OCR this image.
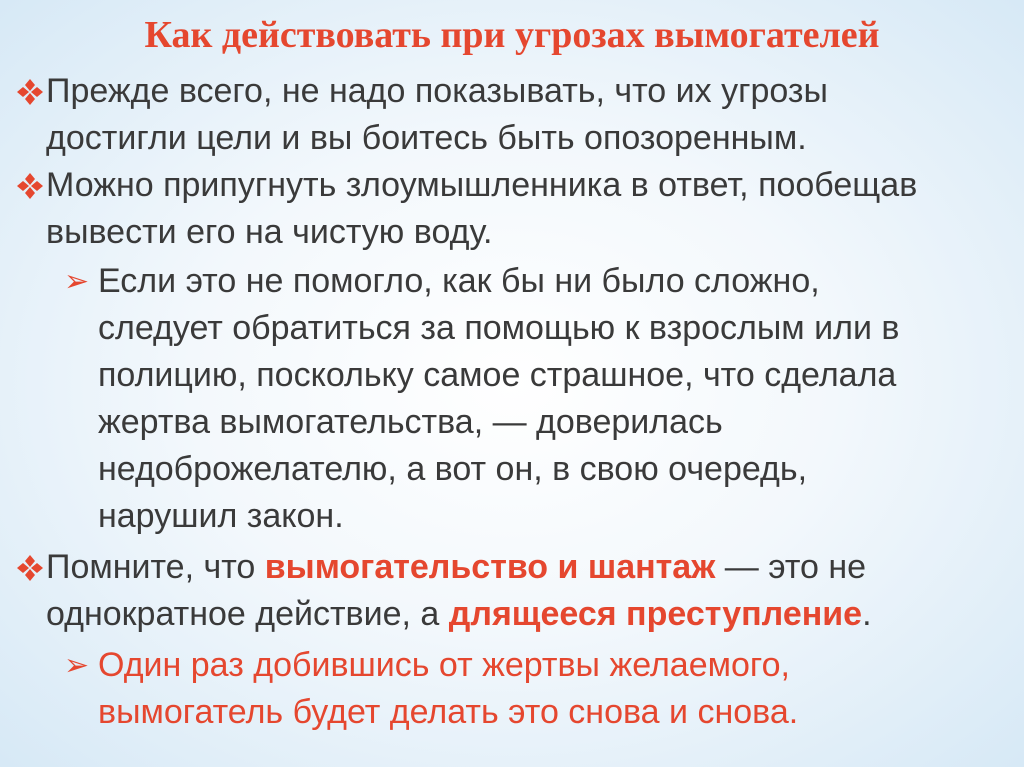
Как действовать при угрозах вымогателей
Прежде всего, не надо показывать, что их угрозы
достигли цели и вы боитесь быть опозоренным.
Можно припугнуть злоумышленника в ответ, пообещав
вывести его на чистую воду.
➢ Если это не помогло, как бы ни было сложно,
следует обратиться за помощью к взрослым или в
полицию, поскольку самое страшное, что сделала
жертва вымогательства, — доверилась
недоброжелателю, а вот он, в свою очередь,
нарушил закон.
Помните, что вымогательство и шантаж — это не
однократное действие, а длящееся преступление.
➢ Один раз добившись от жертвы желаемого,
вымогатель будет делать это снова и снова.
